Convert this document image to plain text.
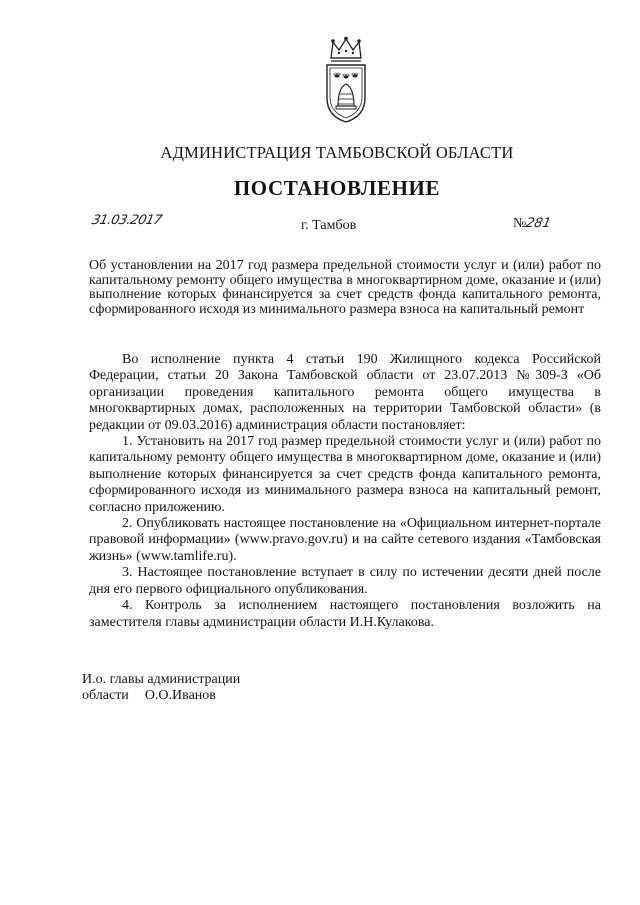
АДМИНИСТРАЦИЯ ТАМБОВСКОЙ ОБЛАСТИ
ПОСТАНОВЛЕНИЕ
31.03.2017	г. Тамбов	№281
Об установлении на 2017 год размера предельной стоимости услуг и (или) работ по капитальному ремонту общего имущества в многоквартирном доме, оказание и (или) выполнение которых финансируется за счет средств фонда капитального ремонта, сформированного исходя из минимального размера взноса на капитальный ремонт

Во исполнение пункта 4 статьи 190 Жилищного кодекса Российской Федерации, статьи 20 Закона Тамбовской области от 23.07.2013 №309-З «Об организации проведения капитального ремонта общего имущества в многоквартирных домах, расположенных на территории Тамбовской области» (в редакции от 09.03.2016) администрация области постановляет:

1. Установить на 2017 год размер предельной стоимости услуг и (или) работ по капитальному ремонту общего имущества в многоквартирном доме, оказание и (или) выполнение которых финансируется за счет средств фонда капитального ремонта, сформированного исходя из минимального размера взноса на капитальный ремонт, согласно приложению.

2. Опубликовать настоящее постановление на «Официальном интернет-портале правовой информации» (www.pravo.gov.ru) и на сайте сетевого издания «Тамбовская жизнь» (www.tamlife.ru).

3. Настоящее постановление вступает в силу по истечении десяти дней после дня его первого официального опубликования.

4. Контроль за исполнением настоящего постановления возложить на заместителя главы администрации области И.Н.Кулакова.

И.о. главы администрации
области О.О.Иванов
